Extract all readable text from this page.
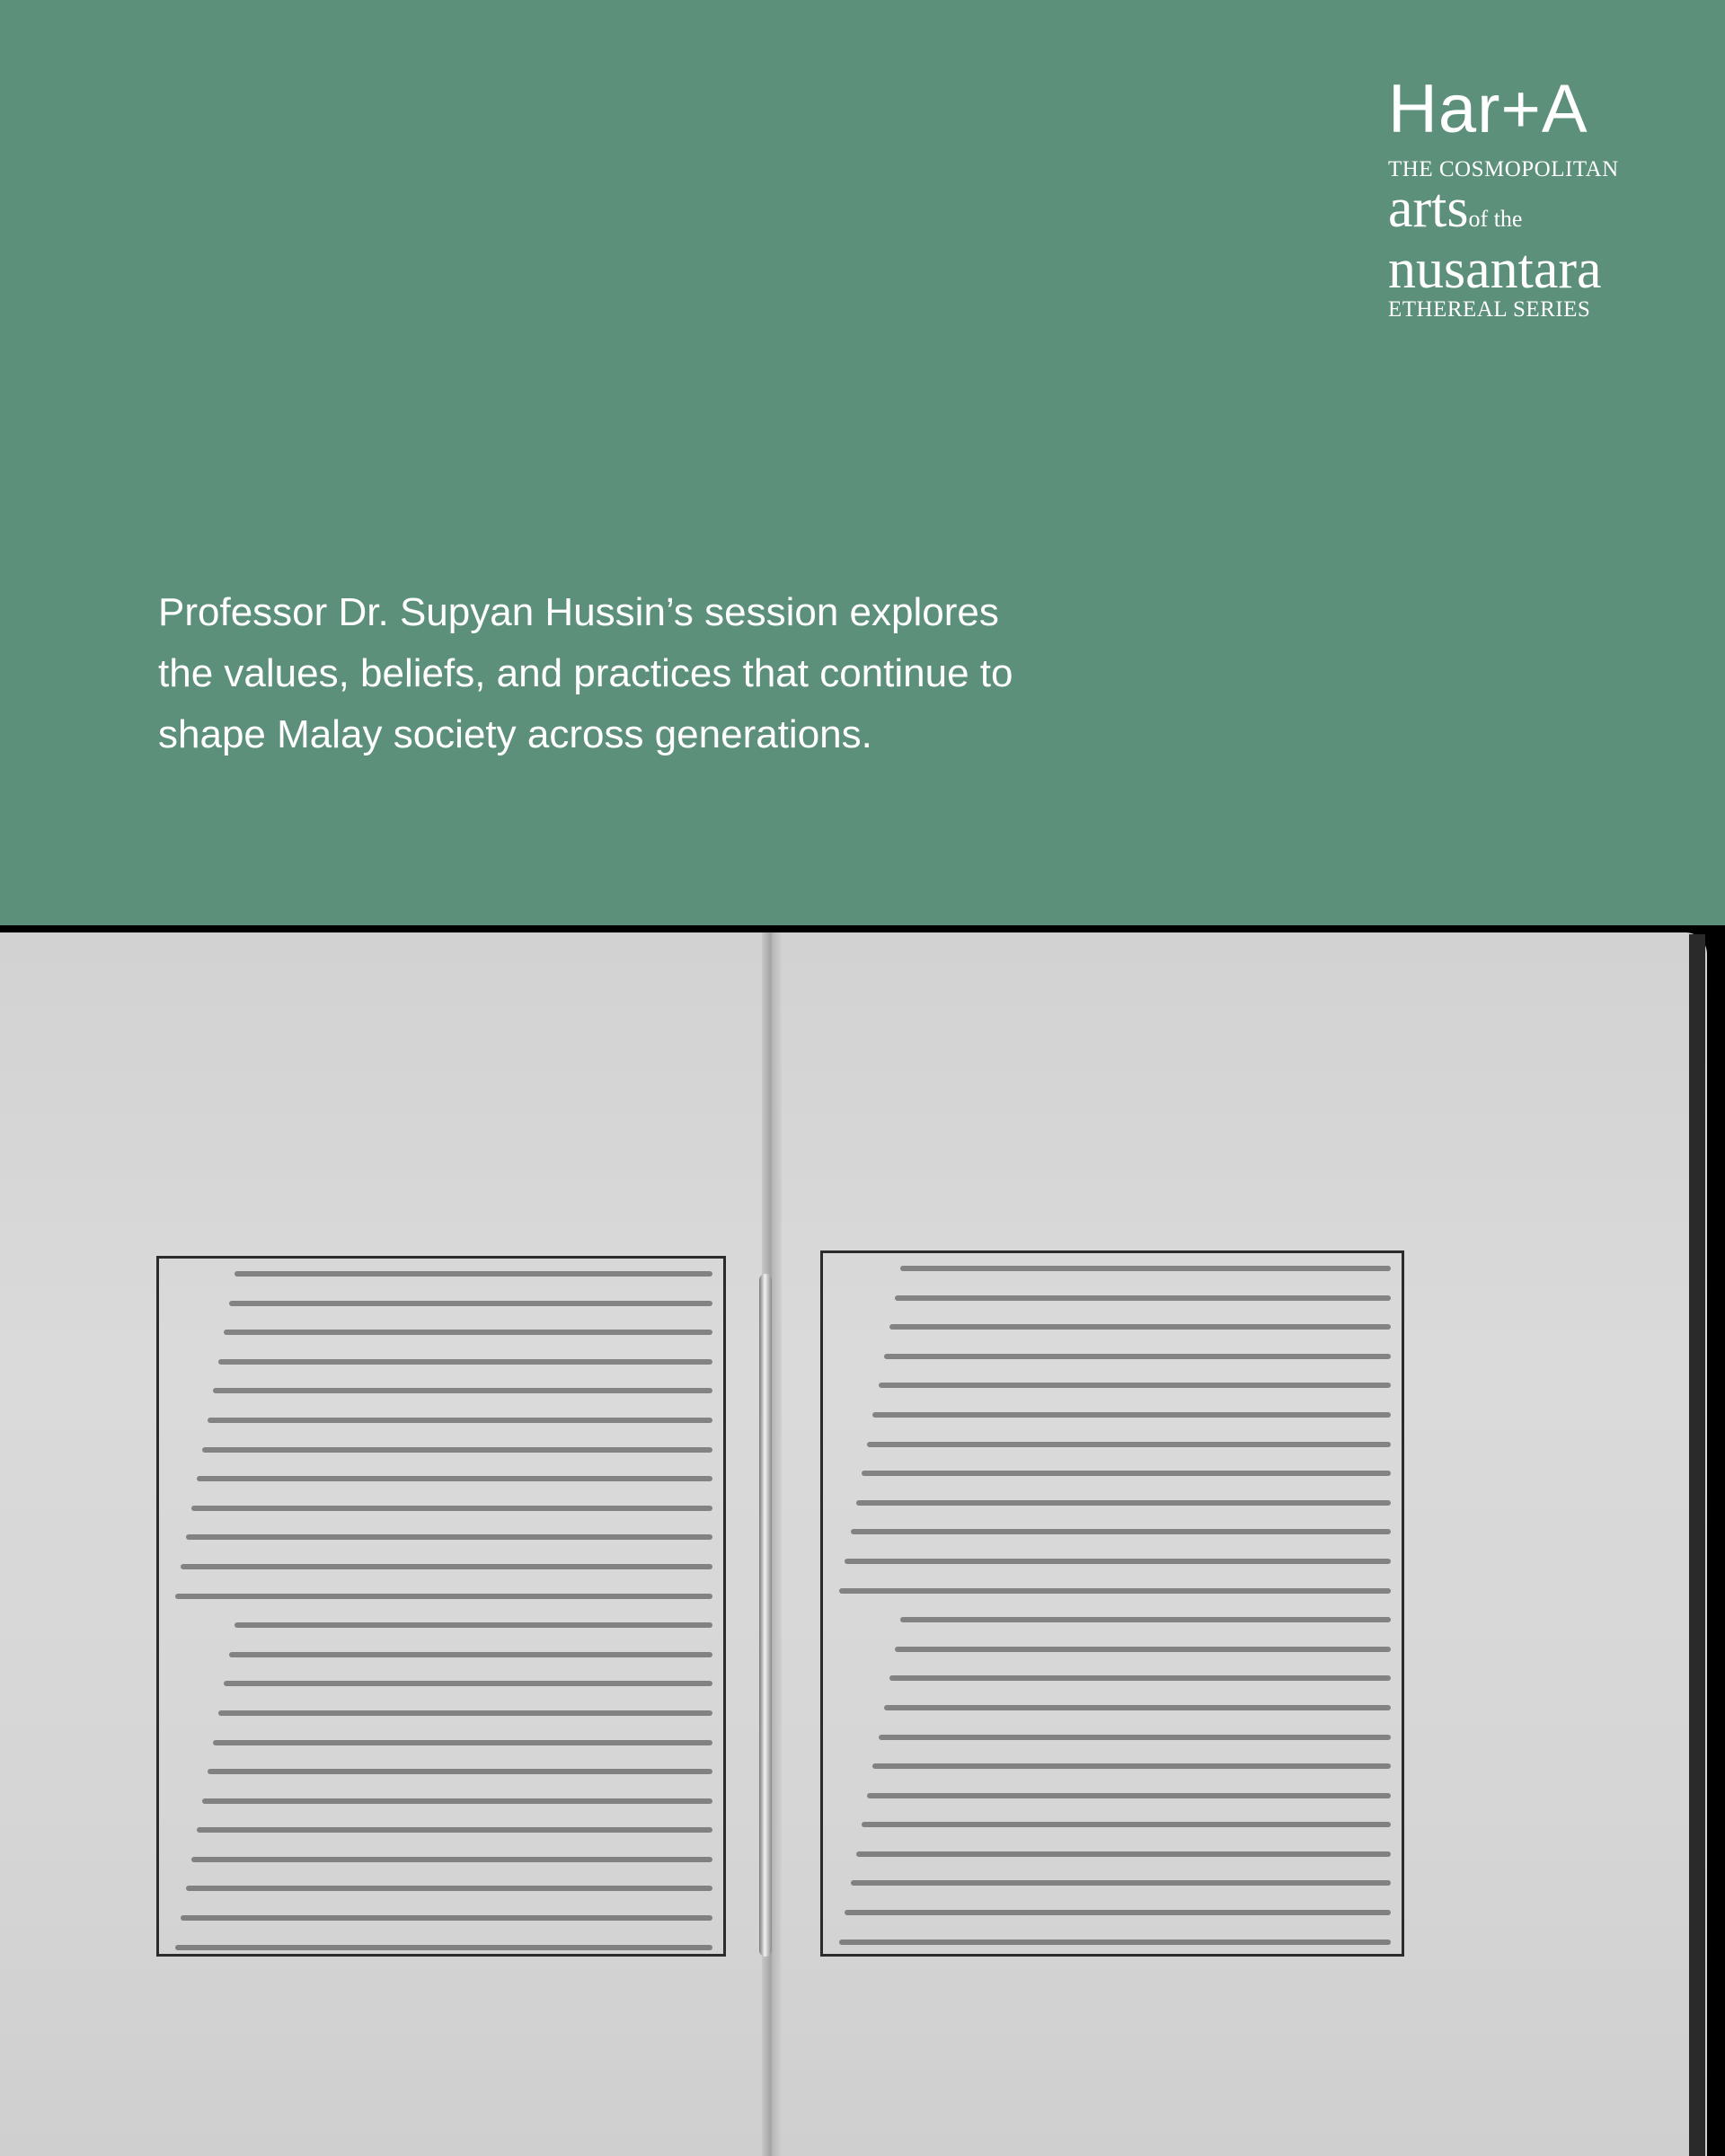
Har+A
THE COSMOPOLITAN
artsof the
nusantara
ETHEREAL SERIES

Professor Dr. Supyan Hussin’s session explores the values, beliefs, and practices that continue to shape Malay society across generations.
